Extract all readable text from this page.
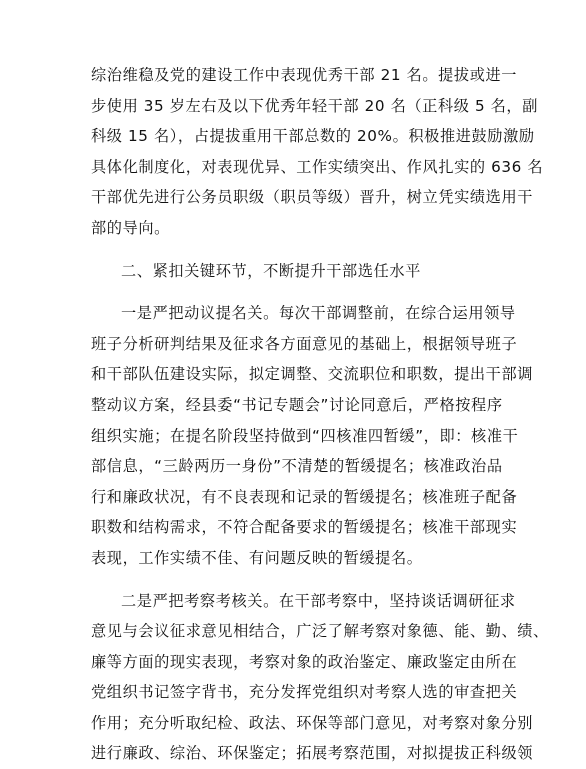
综治维稳及党的建设工作中表现优秀干部 21 名。提拔或进一
步使用 35 岁左右及以下优秀年轻干部 20 名（正科级 5 名，副
科级 15 名），占提拔重用干部总数的 20%。积极推进鼓励激励
具体化制度化，对表现优异、工作实绩突出、作风扎实的 636 名
干部优先进行公务员职级（职员等级）晋升，树立凭实绩选用干
部的导向。
二、紧扣关键环节，不断提升干部选任水平
一是严把动议提名关。每次干部调整前，在综合运用领导
班子分析研判结果及征求各方面意见的基础上，根据领导班子
和干部队伍建设实际，拟定调整、交流职位和职数，提出干部调
整动议方案，经县委“书记专题会”讨论同意后，严格按程序
组织实施；在提名阶段坚持做到“四核准四暂缓”，即：核准干
部信息，“三龄两历一身份”不清楚的暂缓提名；核准政治品
行和廉政状况，有不良表现和记录的暂缓提名；核准班子配备
职数和结构需求，不符合配备要求的暂缓提名；核准干部现实
表现，工作实绩不佳、有问题反映的暂缓提名。
二是严把考察考核关。在干部考察中，坚持谈话调研征求
意见与会议征求意见相结合，广泛了解考察对象德、能、勤、绩、
廉等方面的现实表现，考察对象的政治鉴定、廉政鉴定由所在
党组织书记签字背书，充分发挥党组织对考察人选的审查把关
作用；充分听取纪检、政法、环保等部门意见，对考察对象分别
进行廉政、综治、环保鉴定；拓展考察范围，对拟提拔正科级领
